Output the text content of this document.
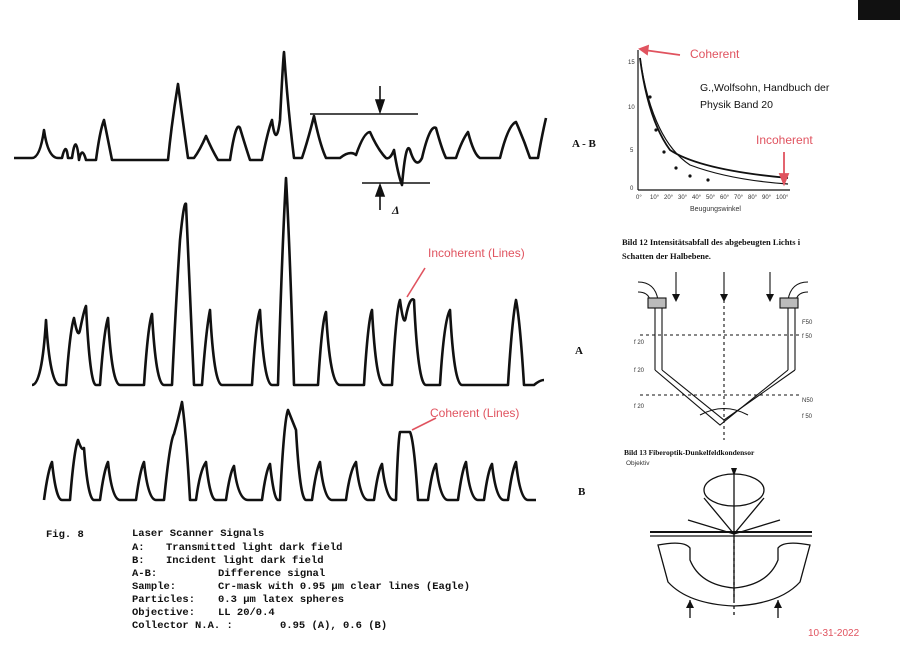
A - B
A
B
Δ
Incoherent (Lines)
Coherent (Lines)
Fig. 8	Laser Scanner Signals
A: Transmitted light dark field
B: Incident light dark field
A-B:	Difference signal
Sample:	Cr-mask with 0.95 µm clear lines (Eagle)
Particles: 0.3 µm latex spheres
Objective: LL 20/0.4
Collector N.A. :	0.95 (A), 0.6 (B)
15
10
5
0
0° 10° 20° 30° 40° 50° 60° 70° 80° 90° 100°
Beugungswinkel
Coherent
Incoherent
G.,Wolfsohn, Handbuch der
Physik Band 20
Bild 12 Intensitätsabfall des abgebeugten Lichts i
Schatten der Halbebene.
f 20
f 20
f 20
F50
f 50
N50
f 50
Bild 13 Fiberoptik-Dunkelfeldkondensor
Objektiv
10-31-2022
